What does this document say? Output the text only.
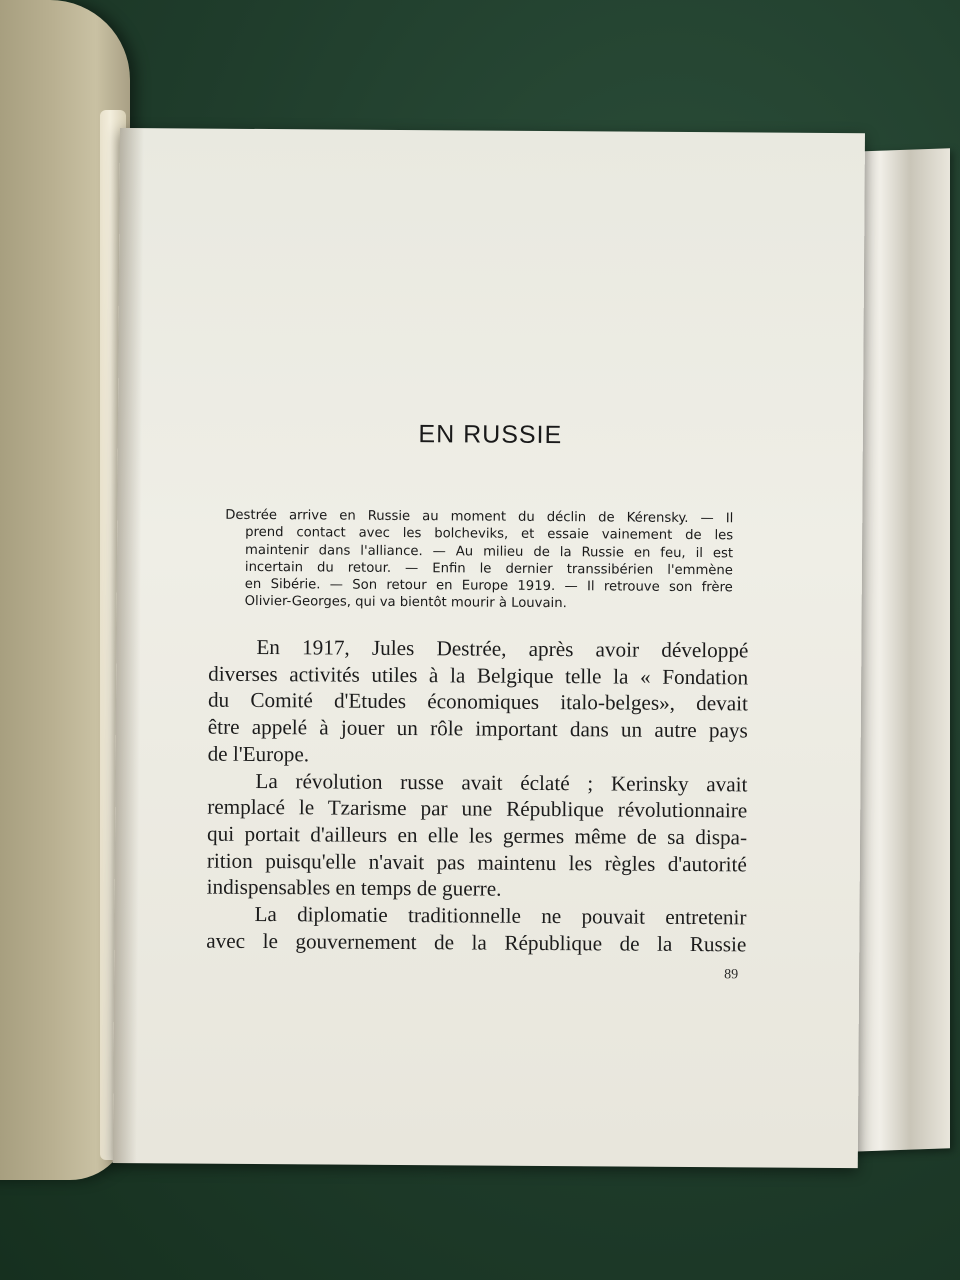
EN RUSSIE
Destrée arrive en Russie au moment du déclin de Kérensky. — Il
prend contact avec les bolcheviks, et essaie vainement de les
maintenir dans l'alliance. — Au milieu de la Russie en feu, il est
incertain du retour. — Enfin le dernier transsibérien l'emmène
en Sibérie. — Son retour en Europe 1919. — Il retrouve son frère
Olivier-Georges, qui va bientôt mourir à Louvain.
En 1917, Jules Destrée, après avoir développé
diverses activités utiles à la Belgique telle la « Fondation
du Comité d'Etudes économiques italo-belges», devait
être appelé à jouer un rôle important dans un autre pays
de l'Europe.
La révolution russe avait éclaté ; Kerinsky avait
remplacé le Tzarisme par une République révolutionnaire
qui portait d'ailleurs en elle les germes même de sa dispa-
rition puisqu'elle n'avait pas maintenu les règles d'autorité
indispensables en temps de guerre.
La diplomatie traditionnelle ne pouvait entretenir
avec le gouvernement de la République de la Russie
89
